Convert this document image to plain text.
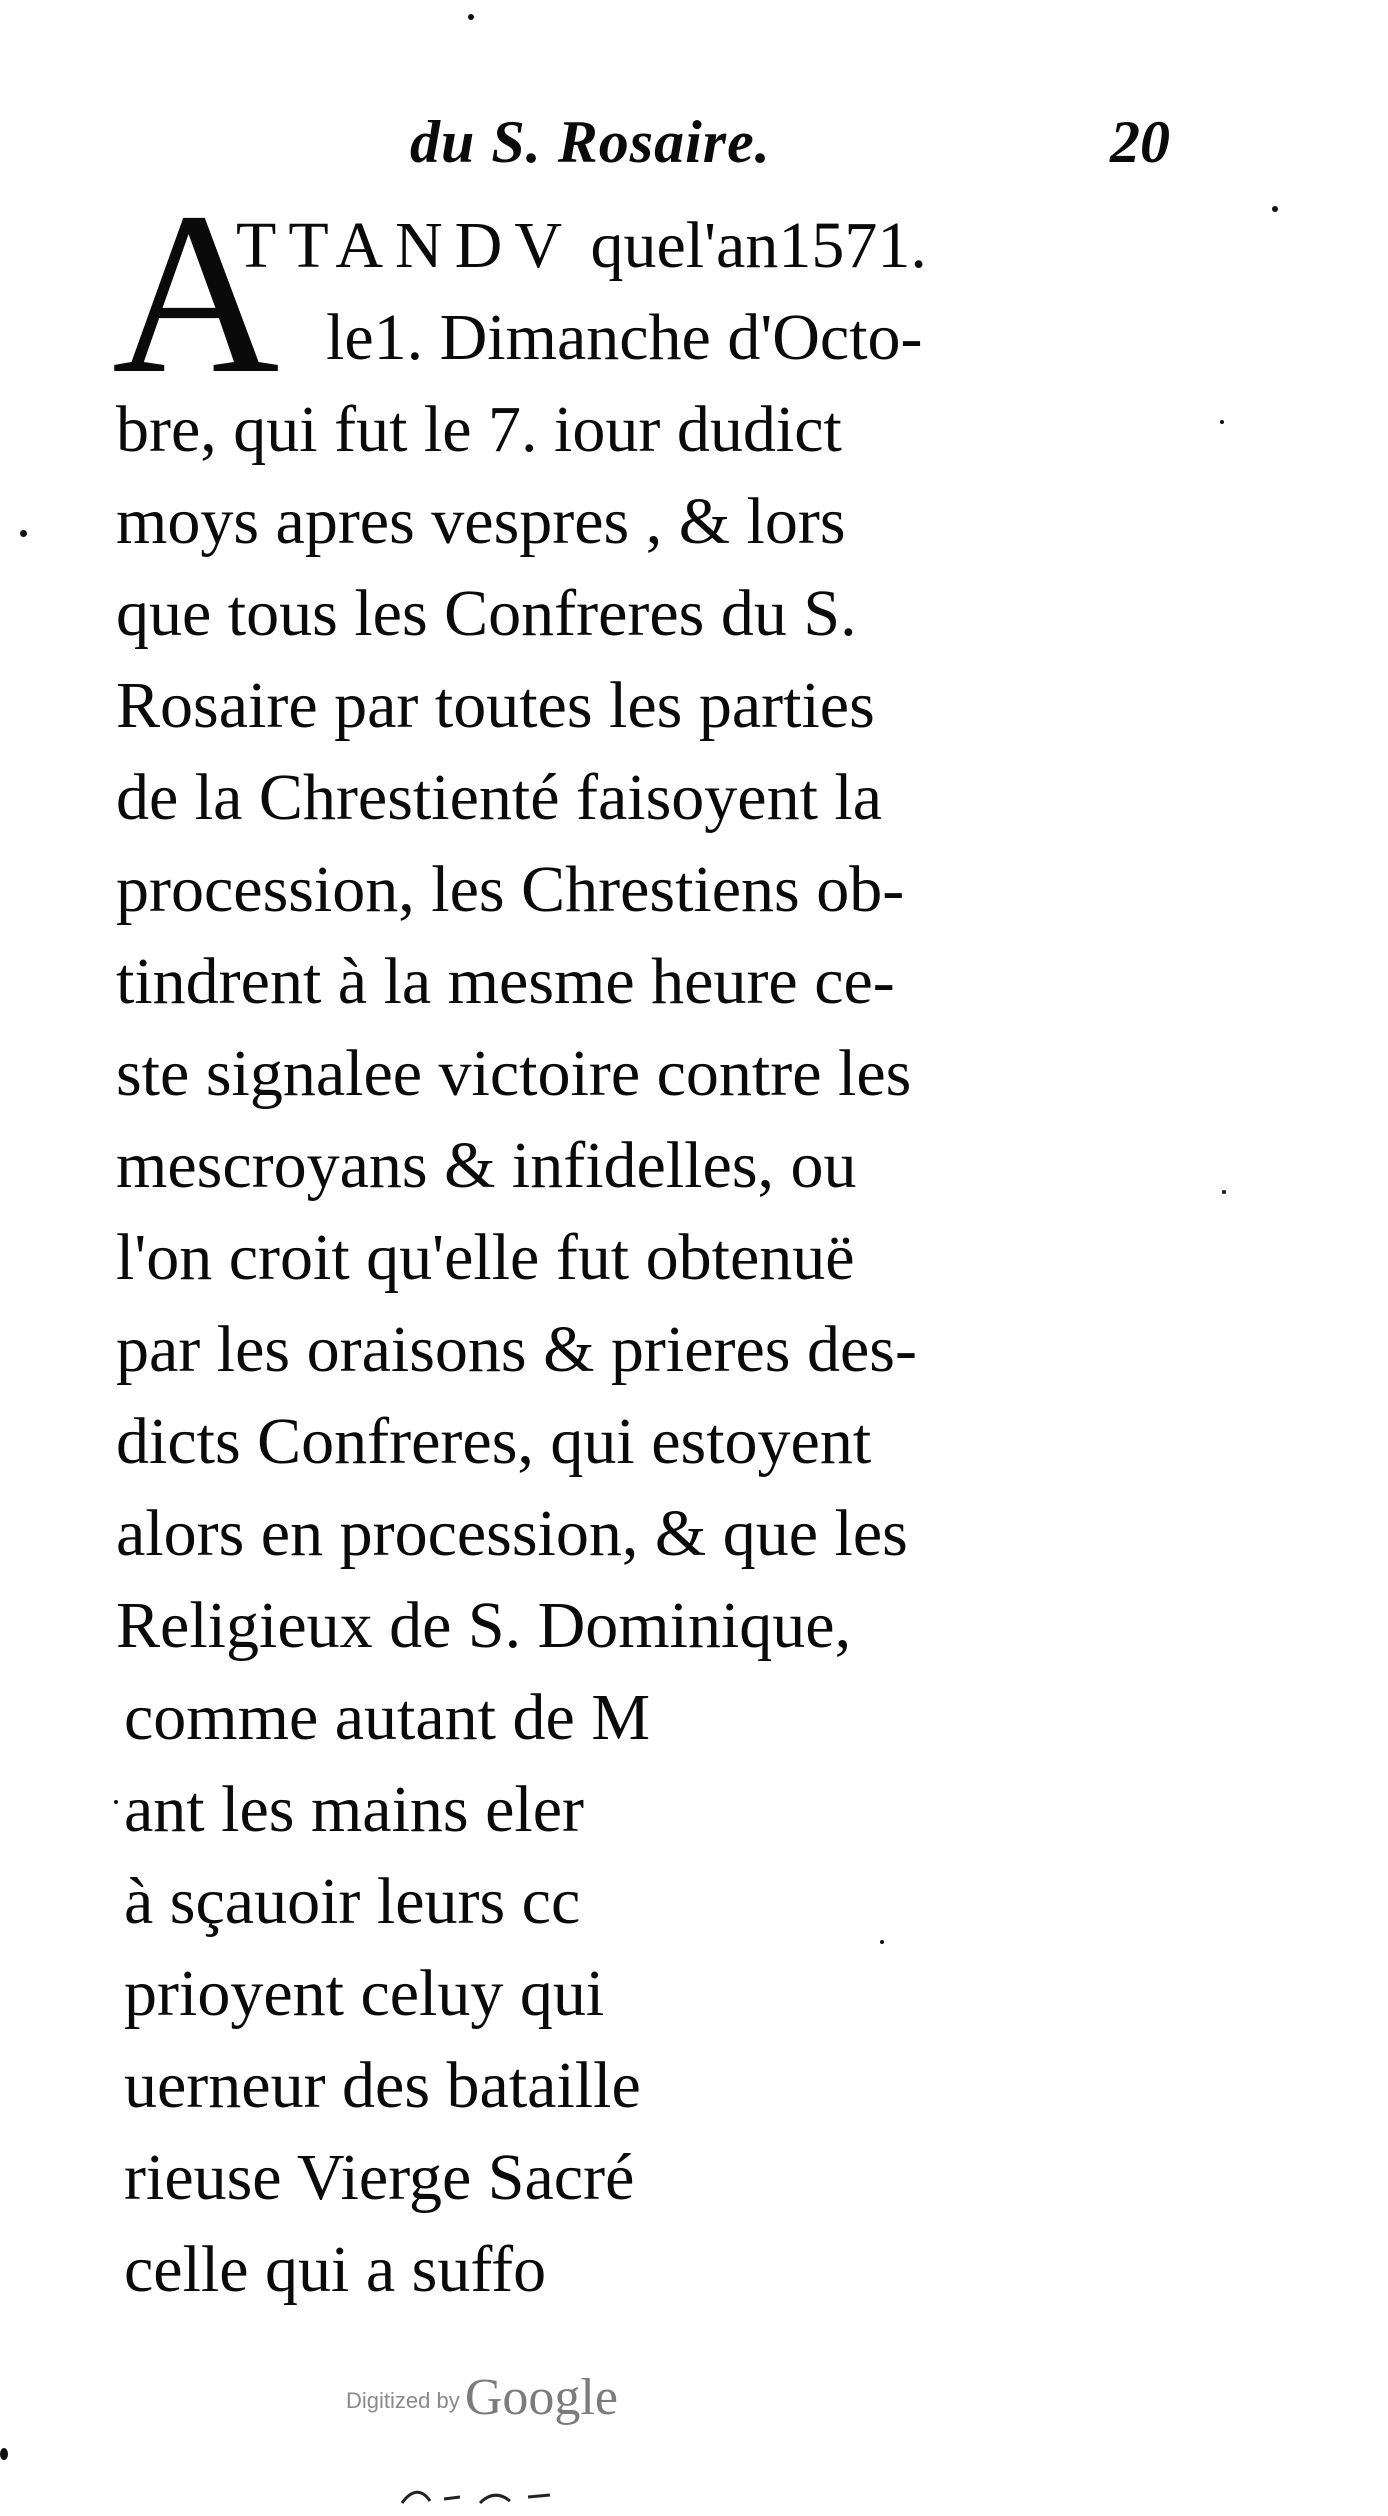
du S. Rosaire.	20
A
TTANDV quel'an1571.
le1. Dimanche d'Octo-
bre, qui fut le 7. iour dudict
moys apres vespres , & lors
que tous les Confreres du S.
Rosaire par toutes les parties
de la Chrestienté faisoyent la
procession, les Chrestiens ob-
tindrent à la mesme heure ce-
ste signalee victoire contre les
mescroyans & infidelles, ou
l'on croit qu'elle fut obtenuë
par les oraisons & prieres des-
dicts Confreres, qui estoyent
alors en procession, & que les
Religieux de S. Dominique,
comme autant de M
ant les mains eler
à sçauoir leurs cc
prioyent celuy qui
uerneur des bataille
rieuse Vierge Sacré
celle qui a suffo
Digitized by Google
